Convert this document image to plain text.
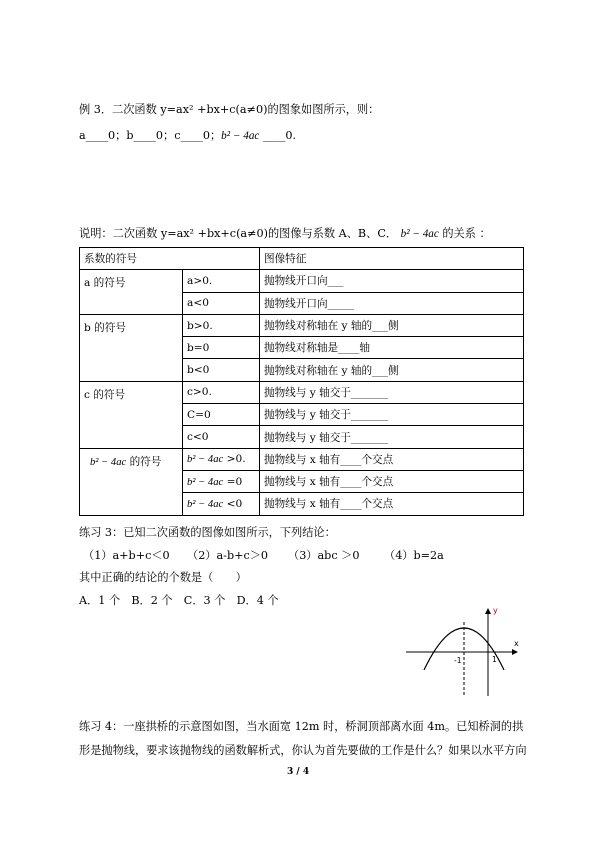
例 3．二次函数 y=ax² +bx+c(a≠0)的图象如图所示，则：
a____0；b____0；c____0；b² − 4ac ____0.
说明：二次函数 y=ax² +bx+c(a≠0)的图像与系数 A、B、C． b² − 4ac 的关系 ：
系数的符号		图像特征
a 的符号	a>0.	抛物线开口向___
	a<0	抛物线开口向_____
b 的符号	b>0.	抛物线对称轴在 y 轴的___侧
	b=0	抛物线对称轴是____轴
	b<0	抛物线对称轴在 y 轴的___侧
c 的符号	c>0.	抛物线与 y 轴交于_______
	C=0	抛物线与 y 轴交于_______
	c<0	抛物线与 y 轴交于_______
b² − 4ac 的符号	b² − 4ac >0.	抛物线与 x 轴有____个交点
	b² − 4ac =0	抛物线与 x 轴有____个交点
	b² − 4ac <0	抛物线与 x 轴有____个交点
练习 3：已知二次函数的图像如图所示，下列结论：
（1）a+b+c＜0 （2）a-b+c＞0 （3）abc ＞0 （4）b=2a
其中正确的结论的个数是（　　）
A．1 个　B．2 个　C．3 个　D．4 个
y
x
-1	1
练习 4：一座拱桥的示意图如图，当水面宽 12m 时，桥洞顶部离水面 4m。已知桥洞的拱
形是抛物线，要求该抛物线的函数解析式，你认为首先要做的工作是什么？如果以水平方向
3 / 4
